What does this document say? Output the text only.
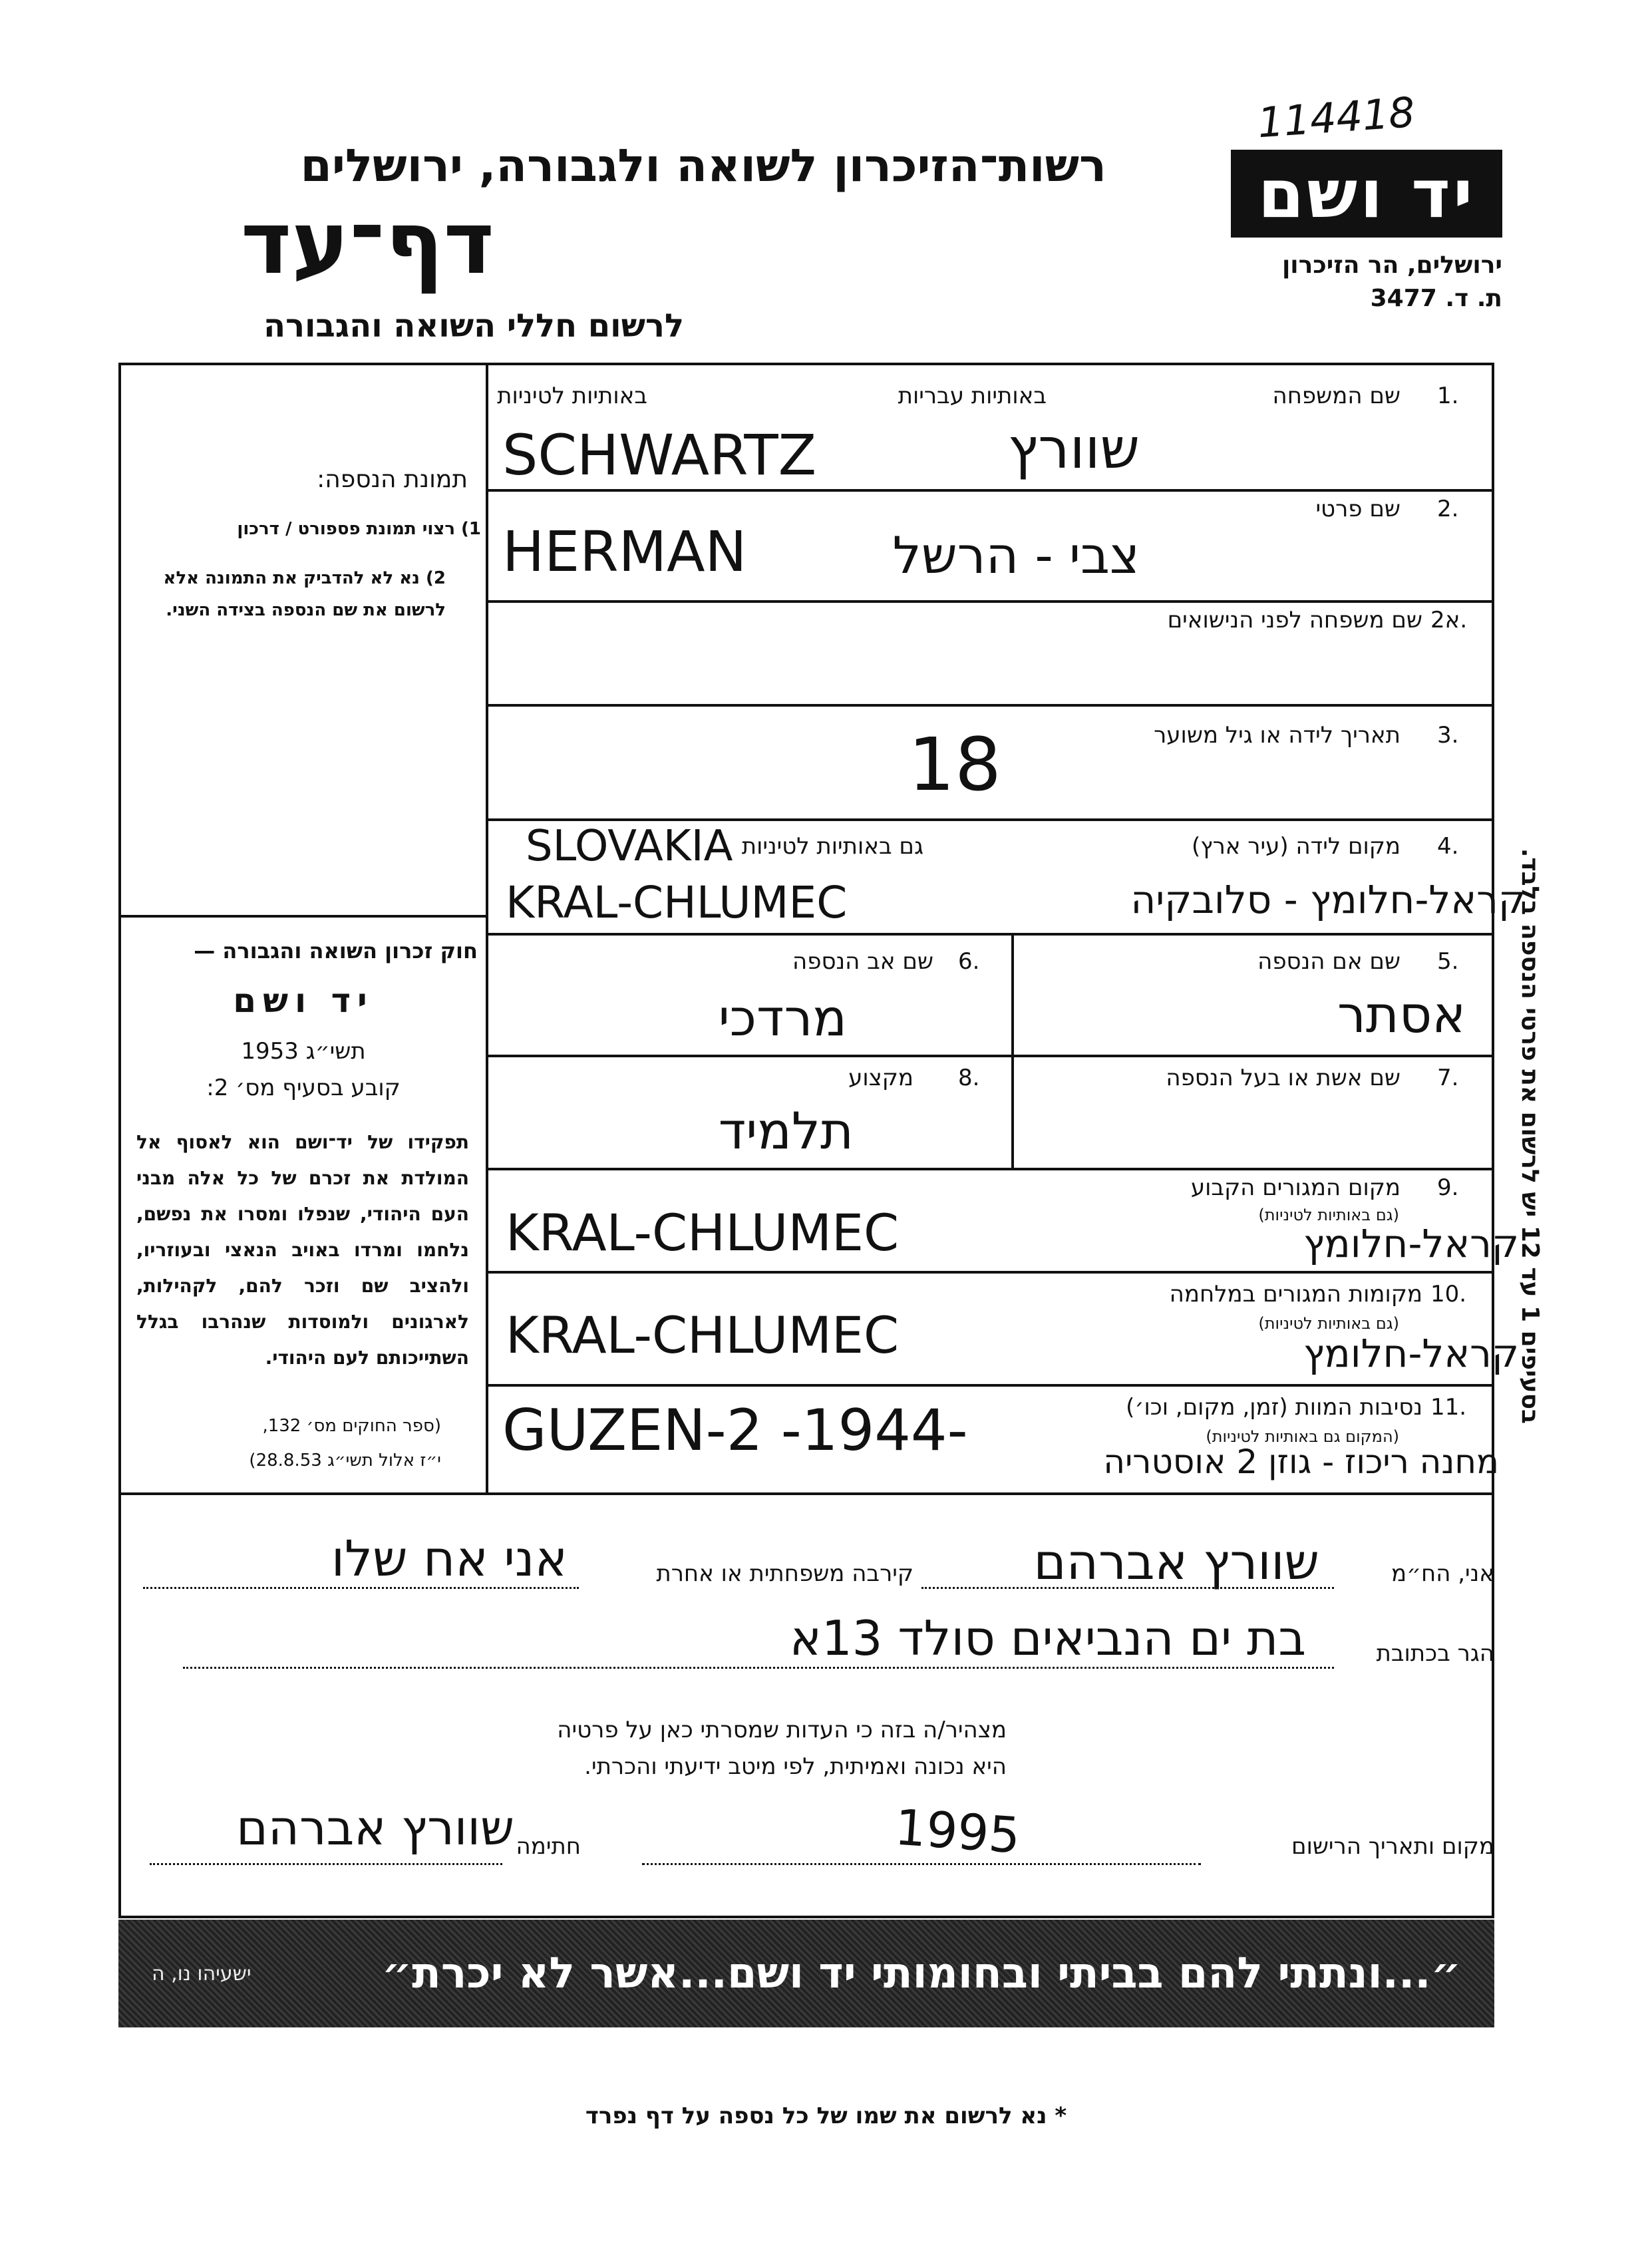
114418
יד ושם
ירושלים, הר הזיכרון
ת. ד. 3477
רשות־הזיכרון לשואה ולגבורה, ירושלים
דף־עד
לרשום חללי השואה והגבורה
תמונת הנספה:
1) רצוי תמונת פספורט / דרכון
2) נא לא להדביק את התמונה אלא לרשום את שם הנספה בצידה השני.
חוק זכרון השואה והגבורה —
יד ושם
תשי״ג 1953
קובע בסעיף מס׳ 2:
תפקידו של יד־ושם הוא לאסוף אל המולדת את זכרם של כל אלה מבני העם היהודי, שנפלו ומסרו את נפשם, נלחמו ומרדו באויב הנאצי ובעוזריו, ולהציב שם וזכר להם, לקהילות, לארגונים ולמוסדות שנהרבו בגלל השתייכותם לעם היהודי.
(ספר החוקים מס׳ 132,
י״ז אלול תשי״ג 28.8.53)
בסעיפים 1 עד 12 יש לרשום את פרטי הנספה בלבד.
1.
שם המשפחה
באותיות עבריות
באותיות לטיניות
SCHWARTZ	שוורץ
2.
שם פרטי
HERMAN	צבי - הרשל
2א.
שם משפחה לפני הנישואים
3.
תאריך לידה או גיל משוער
18
4.
מקום לידה (עיר ארץ)
גם באותיות לטיניות
SLOVAKIA
KRAL-CHLUMEC	קראל-חלומץ - סלובקיה
5.
שם אם הנספה
אסתר
6.
שם אב הנספה
מרדכי
7.
שם אשת או בעל הנספה
8.
מקצוע
תלמיד
9.
מקום המגורים הקבוע
(גם באותיות לטיניות)
KRAL-CHLUMEC	קראל-חלומץ
10.
מקומות המגורים במלחמה
(גם באותיות לטיניות)
KRAL-CHLUMEC	קראל-חלומץ
11.
נסיבות המוות (זמן, מקום, וכו׳)
(המקום גם באותיות לטיניות)
GUZEN-2 -1944-	מחנה ריכוז - גוזן 2 אוסטריה
אני, הח״מ
שוורץ אברהם
קירבה משפחתית או אחרת
אני אח שלו
הגר בכתובת
בת ים הנביאים סולד 13א
מצהיר/ה בזה כי העדות שמסרתי כאן על פרטיה
היא נכונה ואמיתית, לפי מיטב ידיעתי והכרתי.
מקום ותאריך הרישום
1995
חתימה
שוורץ אברהם
ישעיהו נו, ה	״...ונתתי להם בביתי ובחומותי יד ושם...אשר לא יכרת״
* נא לרשום את שמו של כל נספה על דף נפרד
